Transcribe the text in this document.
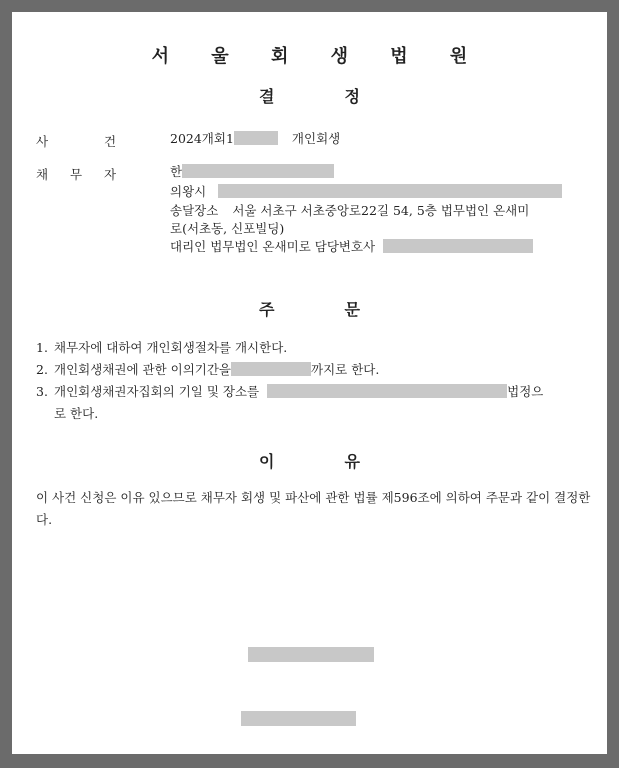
서 울 회 생 법 원
결	정
사	건	2024개회1	개인회생
채 무 자	한
의왕시
송달장소 서울 서초구 서초중앙로22길 54, 5층 법무법인 온새미
로(서초동, 신포빌딩)
대리인 법무법인 온새미로 담당변호사
주	문
1. 채무자에 대하여 개인회생절차를 개시한다.
2. 개인회생채권에 관한 이의기간을	까지로 한다.
3. 개인회생채권자집회의 기일 및 장소를	법정으
로 한다.
이	유
이 사건 신청은 이유 있으므로 채무자 회생 및 파산에 관한 법률 제596조에 의하여 주문과 같이 결정한다.
